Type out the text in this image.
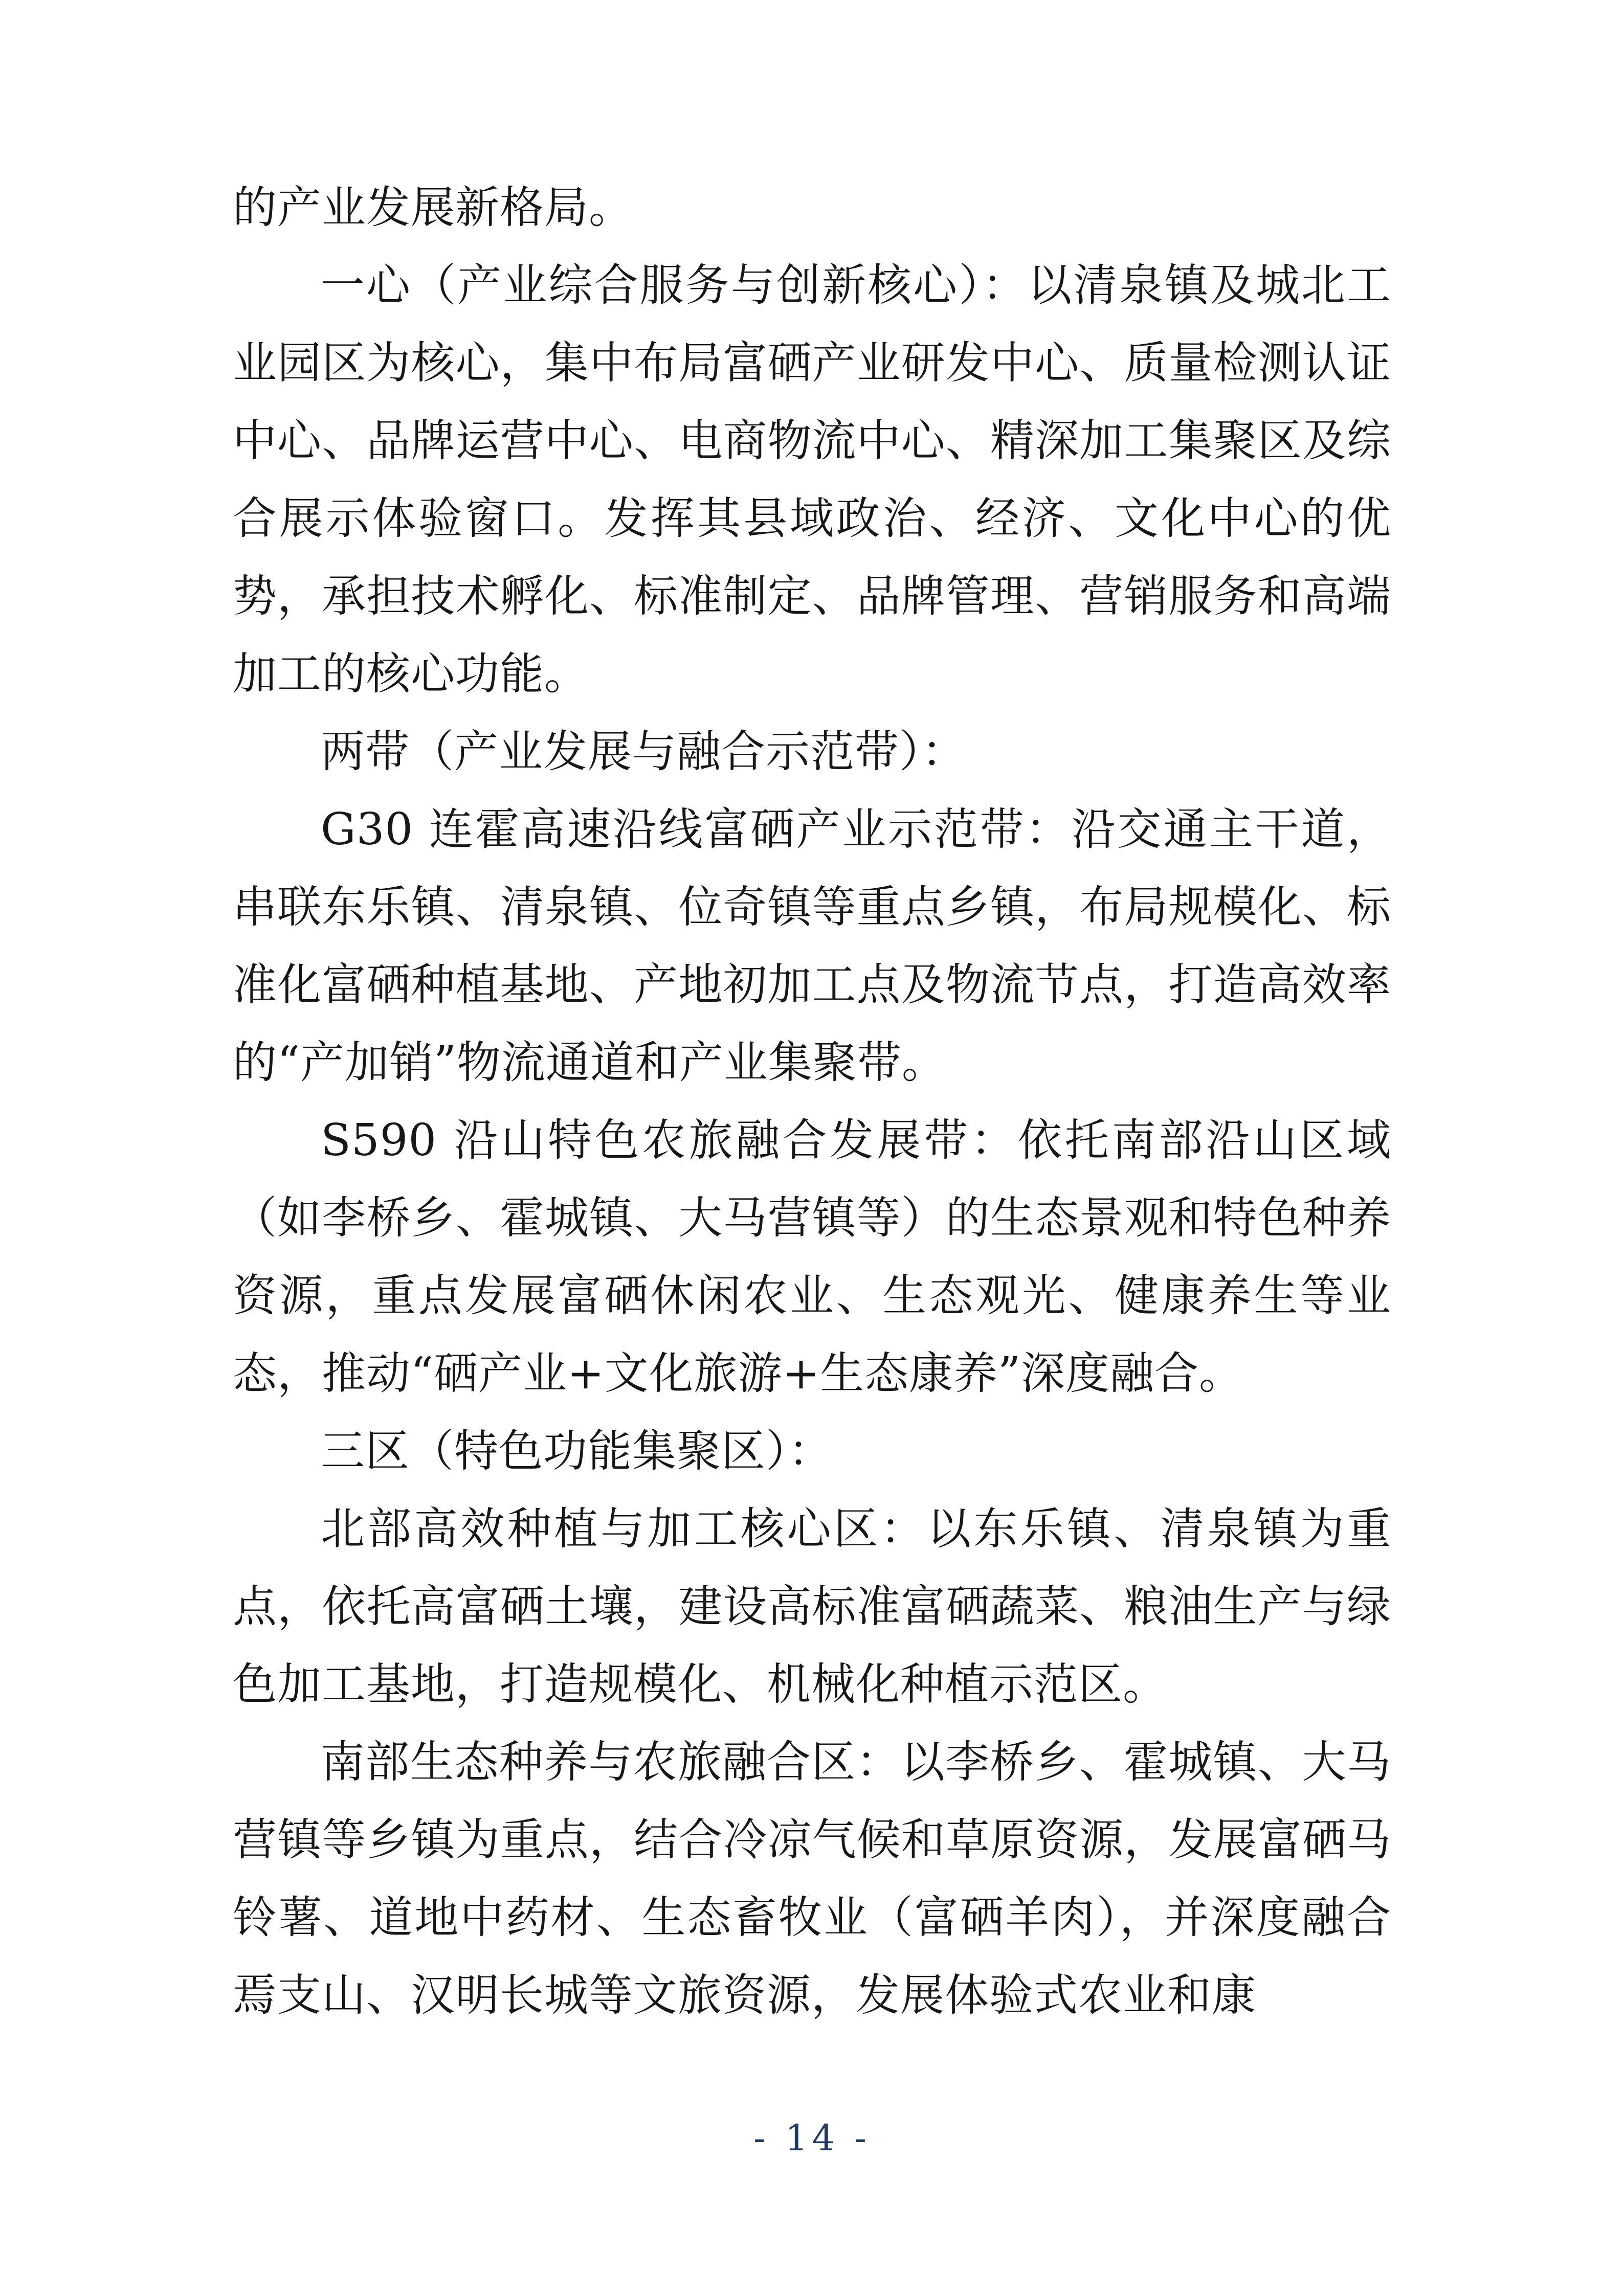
的产业发展新格局。

一心（产业综合服务与创新核心）：以清泉镇及城北工业园区为核心，集中布局富硒产业研发中心、质量检测认证中心、品牌运营中心、电商物流中心、精深加工集聚区及综合展示体验窗口。发挥其县域政治、经济、文化中心的优势，承担技术孵化、标准制定、品牌管理、营销服务和高端加工的核心功能。

两带（产业发展与融合示范带）：

G30 连霍高速沿线富硒产业示范带：沿交通主干道，串联东乐镇、清泉镇、位奇镇等重点乡镇，布局规模化、标准化富硒种植基地、产地初加工点及物流节点，打造高效率的“产加销”物流通道和产业集聚带。

S590 沿山特色农旅融合发展带：依托南部沿山区域（如李桥乡、霍城镇、大马营镇等）的生态景观和特色种养资源，重点发展富硒休闲农业、生态观光、健康养生等业态，推动“硒产业+文化旅游+生态康养”深度融合。

三区（特色功能集聚区）：

北部高效种植与加工核心区：以东乐镇、清泉镇为重点，依托高富硒土壤，建设高标准富硒蔬菜、粮油生产与绿色加工基地，打造规模化、机械化种植示范区。

南部生态种养与农旅融合区：以李桥乡、霍城镇、大马营镇等乡镇为重点，结合冷凉气候和草原资源，发展富硒马铃薯、道地中药材、生态畜牧业（富硒羊肉），并深度融合焉支山、汉明长城等文旅资源，发展体验式农业和康

- 14 -
